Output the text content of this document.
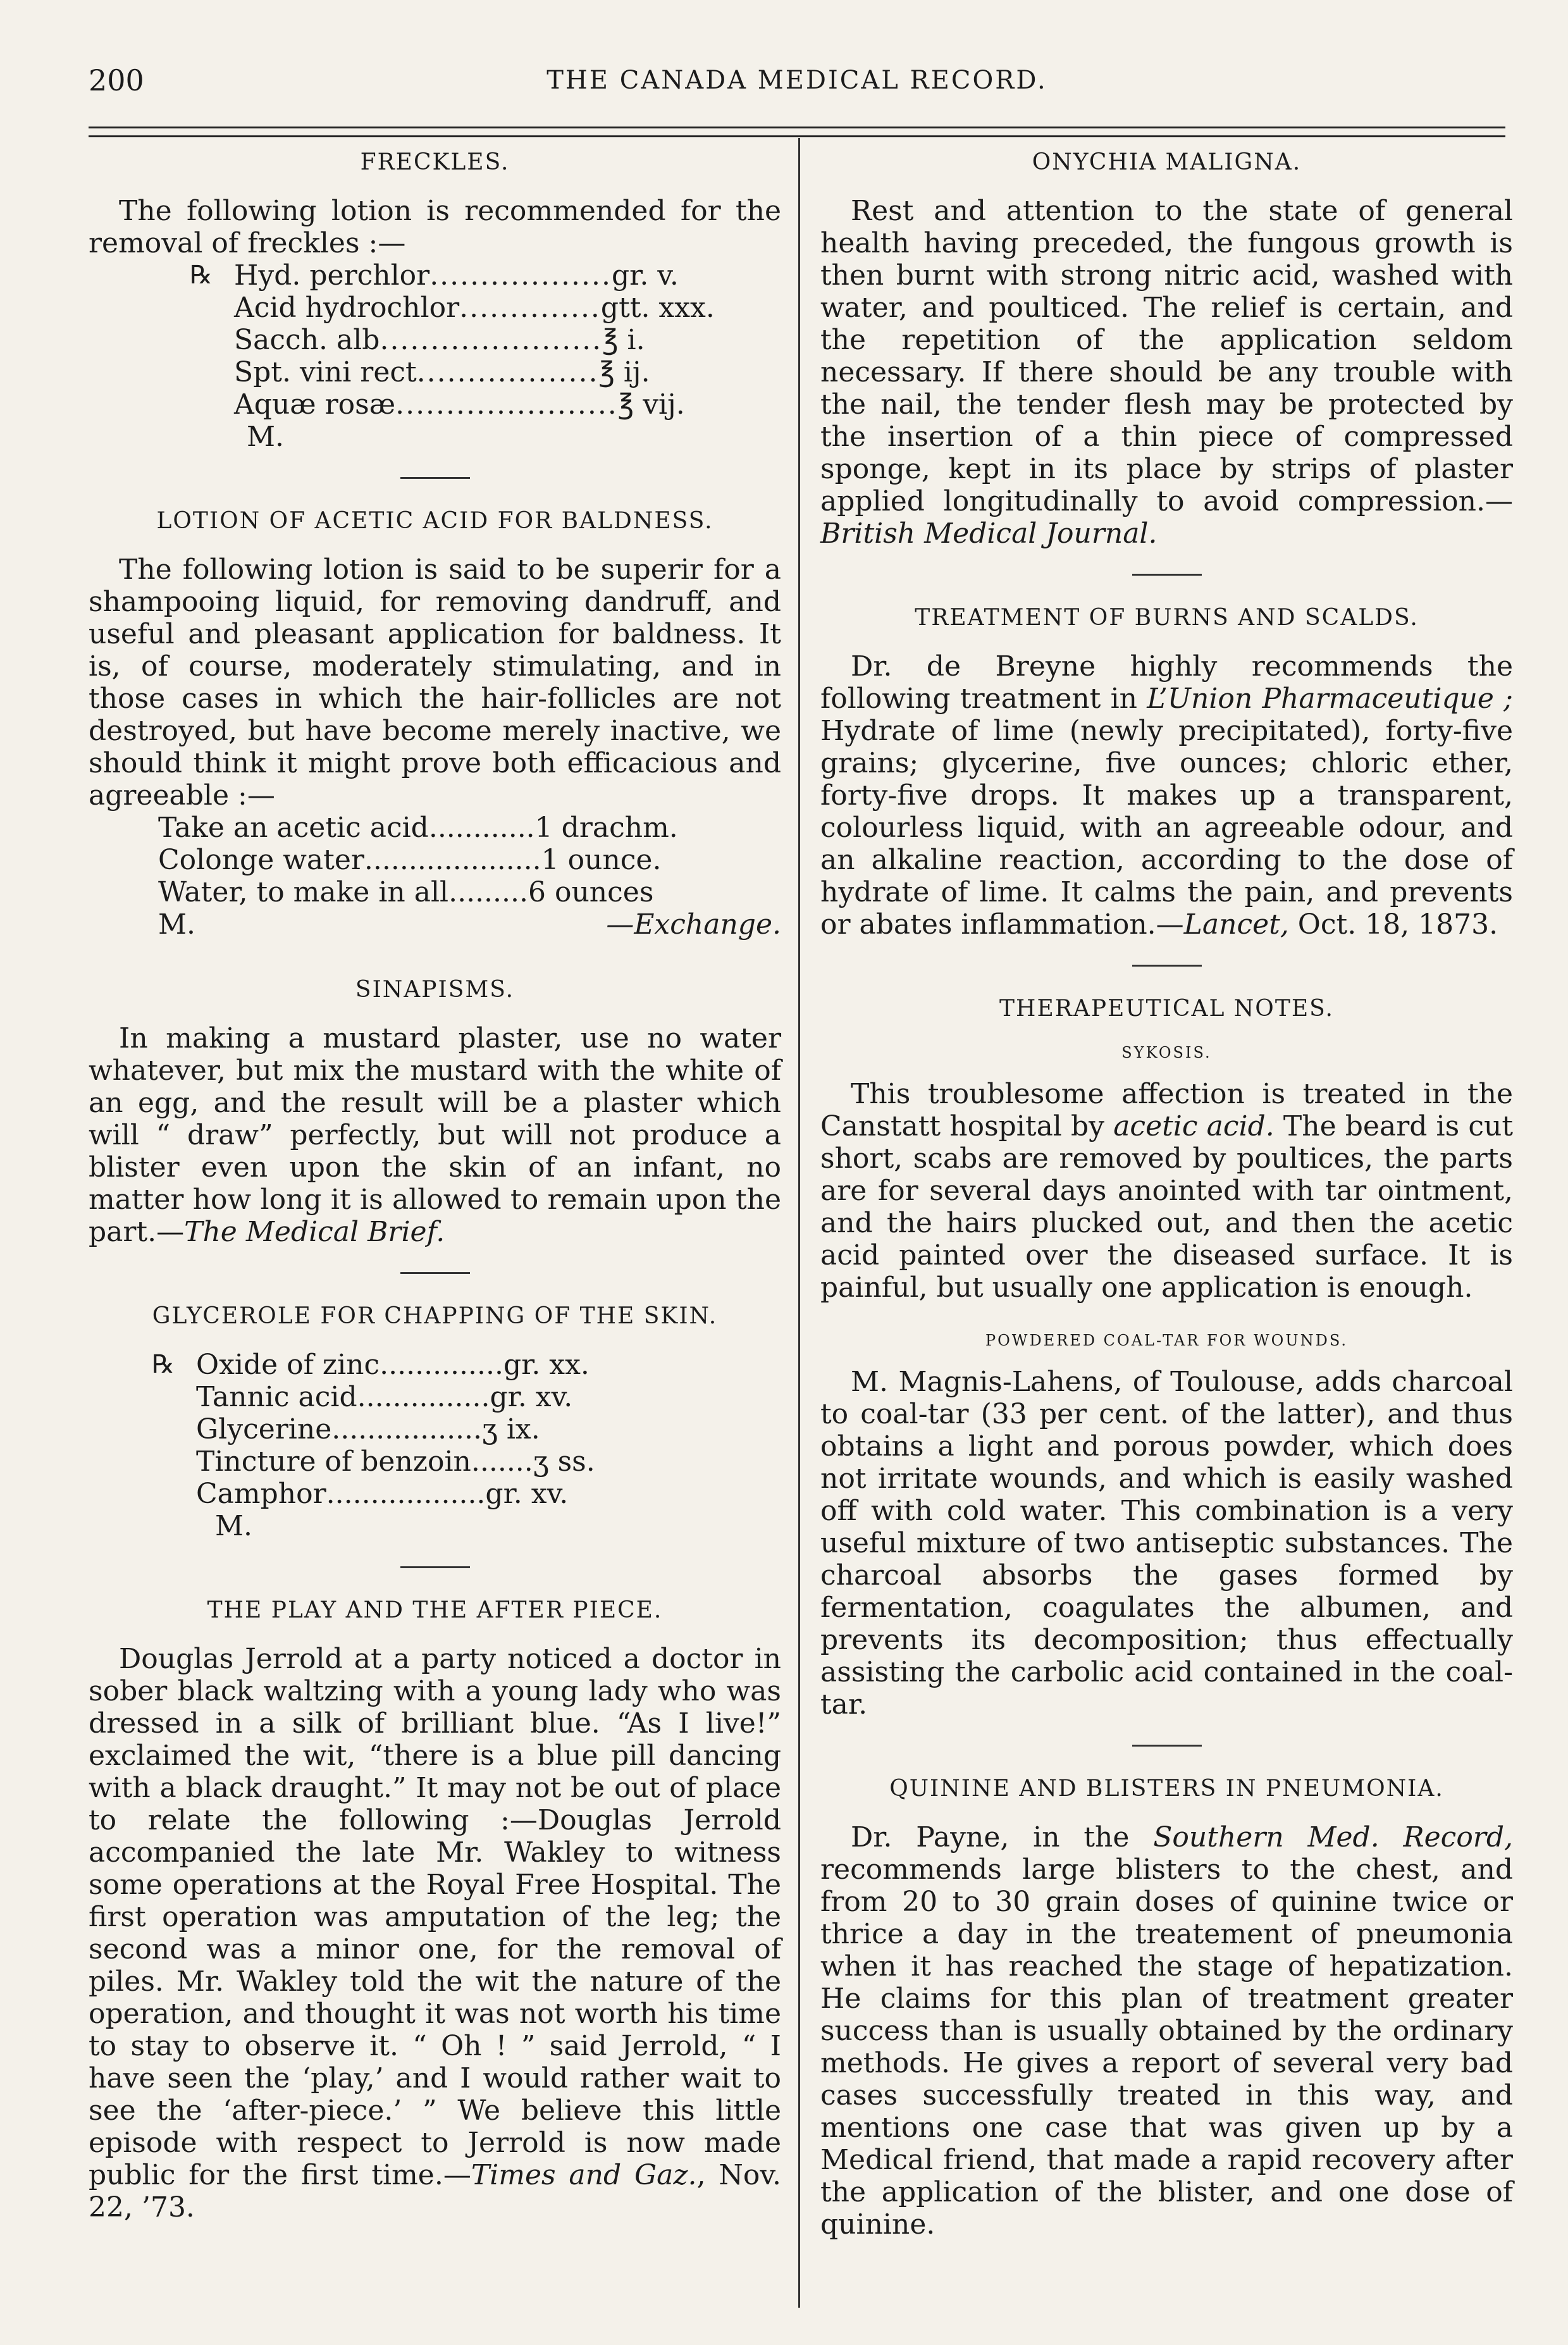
200	THE CANADA MEDICAL RECORD.
FRECKLES.

The following lotion is recommended for the removal of freckles :—

℞ Hyd. perchlor .................. gr. v.
Acid hydrochlor .............. gtt. xxx.
Sacch. alb ...................... ℥ i.
Spt. vini rect .................. ℥ ij.
Aquæ rosæ ...................... ℥ vij.
M.
LOTION OF ACETIC ACID FOR BALDNESS.

The following lotion is said to be superir for a shampooing liquid, for removing dandruff, and useful and pleasant application for baldness. It is, of course, moderately stimulating, and in those cases in which the hair-follicles are not destroyed, but have become merely inactive, we should think it might prove both efficacious and agreeable :—

Take an acetic acid ............ 1 drachm.
Colonge water .................... 1 ounce.
Water, to make in all ......... 6 ounces
M.	—Exchange.
SINAPISMS.

In making a mustard plaster, use no water whatever, but mix the mustard with the white of an egg, and the result will be a plaster which will “ draw” perfectly, but will not produce a blister even upon the skin of an infant, no matter how long it is allowed to remain upon the part.—The Medical Brief.

GLYCEROLE FOR CHAPPING OF THE SKIN.
℞ Oxide of zinc .............. gr. xx.
Tannic acid ............... gr. xv.
Glycerine ................. ʒ ix.
Tincture of benzoin ....... ʒ ss.
Camphor .................. gr. xv.
M.
THE PLAY AND THE AFTER PIECE.

Douglas Jerrold at a party noticed a doctor in sober black waltzing with a young lady who was dressed in a silk of brilliant blue. “As I live!” exclaimed the wit, “there is a blue pill dancing with a black draught.” It may not be out of place to relate the following :—Douglas Jerrold accompanied the late Mr. Wakley to witness some operations at the Royal Free Hospital. The first operation was amputation of the leg; the second was a minor one, for the removal of piles. Mr. Wakley told the wit the nature of the operation, and thought it was not worth his time to stay to observe it. “ Oh ! ” said Jerrold, “ I have seen the ‘play,’ and I would rather wait to see the ‘after-piece.’ ” We believe this little episode with respect to Jerrold is now made public for the first time.—Times and Gaz., Nov. 22, ’73.

ONYCHIA MALIGNA.

Rest and attention to the state of general health having preceded, the fungous growth is then burnt with strong nitric acid, washed with water, and poulticed. The relief is certain, and the repetition of the application seldom necessary. If there should be any trouble with the nail, the tender flesh may be protected by the insertion of a thin piece of compressed sponge, kept in its place by strips of plaster applied longitudinally to avoid compression.—British Medical Journal.

TREATMENT OF BURNS AND SCALDS.

Dr. de Breyne highly recommends the following treatment in L’Union Pharmaceutique ; Hydrate of lime (newly precipitated), forty-five grains; glycerine, five ounces; chloric ether, forty-five drops. It makes up a transparent, colourless liquid, with an agreeable odour, and an alkaline reaction, according to the dose of hydrate of lime. It calms the pain, and prevents or abates inflammation.—Lancet, Oct. 18, 1873.

THERAPEUTICAL NOTES.
SYKOSIS.

This troublesome affection is treated in the Canstatt hospital by acetic acid. The beard is cut short, scabs are removed by poultices, the parts are for several days anointed with tar ointment, and the hairs plucked out, and then the acetic acid painted over the diseased surface. It is painful, but usually one application is enough.

POWDERED COAL-TAR FOR WOUNDS.

M. Magnis-Lahens, of Toulouse, adds charcoal to coal-tar (33 per cent. of the latter), and thus obtains a light and porous powder, which does not irritate wounds, and which is easily washed off with cold water. This combination is a very useful mixture of two antiseptic substances. The charcoal absorbs the gases formed by fermentation, coagulates the albumen, and prevents its decomposition; thus effectually assisting the carbolic acid contained in the coal-tar.

QUININE AND BLISTERS IN PNEUMONIA.

Dr. Payne, in the Southern Med. Record, recommends large blisters to the chest, and from 20 to 30 grain doses of quinine twice or thrice a day in the treatement of pneumonia when it has reached the stage of hepatization. He claims for this plan of treatment greater success than is usually obtained by the ordinary methods. He gives a report of several very bad cases successfully treated in this way, and mentions one case that was given up by a Medical friend, that made a rapid recovery after the application of the blister, and one dose of quinine.
